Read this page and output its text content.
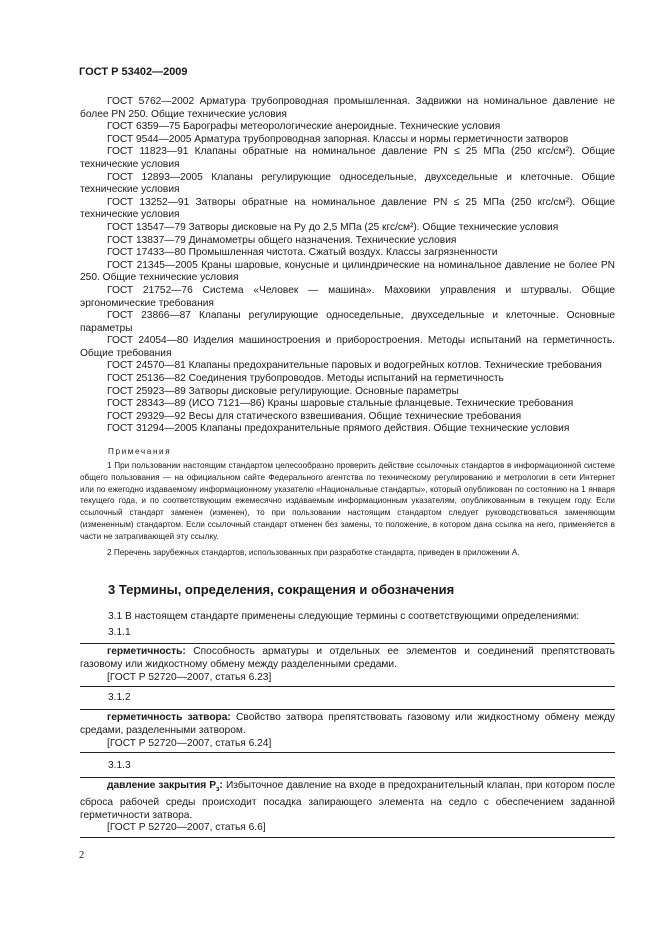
ГОСТ Р 53402—2009

ГОСТ 5762—2002 Арматура трубопроводная промышленная. Задвижки на номинальное давление не более PN 250. Общие технические условия

ГОСТ 6359—75 Барографы метеорологические анероидные. Технические условия

ГОСТ 9544—2005 Арматура трубопроводная запорная. Классы и нормы герметичности затворов

ГОСТ 11823—91 Клапаны обратные на номинальное давление PN ≤ 25 МПа (250 кгс/см²). Общие технические условия

ГОСТ 12893—2005 Клапаны регулирующие односедельные, двухседельные и клеточные. Общие технические условия

ГОСТ 13252—91 Затворы обратные на номинальное давление PN ≤ 25 МПа (250 кгс/см²). Общие технические условия

ГОСТ 13547—79 Затворы дисковые на Pу до 2,5 МПа (25 кгс/см²). Общие технические условия

ГОСТ 13837—79 Динамометры общего назначения. Технические условия

ГОСТ 17433—80 Промышленная чистота. Сжатый воздух. Классы загрязненности

ГОСТ 21345—2005 Краны шаровые, конусные и цилиндрические на номинальное давление не более PN 250. Общие технические условия

ГОСТ 21752—76 Система «Человек — машина». Маховики управления и штурвалы. Общие эргономические требования

ГОСТ 23866—87 Клапаны регулирующие односедельные, двухседельные и клеточные. Основные параметры

ГОСТ 24054—80 Изделия машиностроения и приборостроения. Методы испытаний на герметичность. Общие требования

ГОСТ 24570—81 Клапаны предохранительные паровых и водогрейных котлов. Технические требования

ГОСТ 25136—82 Соединения трубопроводов. Методы испытаний на герметичность

ГОСТ 25923—89 Затворы дисковые регулирующие. Основные параметры

ГОСТ 28343—89 (ИСО 7121—86) Краны шаровые стальные фланцевые. Технические требования

ГОСТ 29329—92 Весы для статического взвешивания. Общие технические требования

ГОСТ 31294—2005 Клапаны предохранительные прямого действия. Общие технические условия

Примечания

1 При пользовании настоящим стандартом целесообразно проверить действие ссылочных стандартов в информационной системе общего пользования — на официальном сайте Федерального агентства по техническому регулированию и метрологии в сети Интернет или по ежегодно издаваемому информационному указателю «Национальные стандарты», который опубликован по состоянию на 1 января текущего года, и по соответствующим ежемесячно издаваемым информационным указателям, опубликованным в текущем году. Если ссылочный стандарт заменен (изменен), то при пользовании настоящим стандартом следует руководствоваться заменяющим (измененным) стандартом. Если ссылочный стандарт отменен без замены, то положение, в котором дана ссылка на него, применяется в части не затрагивающей эту ссылку.

2 Перечень зарубежных стандартов, использованных при разработке стандарта, приведен в приложении А.

3 Термины, определения, сокращения и обозначения
3.1 В настоящем стандарте применены следующие термины с соответствующими определениями:
3.1.1

герметичность: Способность арматуры и отдельных ее элементов и соединений препятствовать газовому или жидкостному обмену между разделенными средами.

[ГОСТ Р 52720—2007, статья 6.23]

3.1.2

герметичность затвора: Свойство затвора препятствовать газовому или жидкостному обмену между средами, разделенными затвором.

[ГОСТ Р 52720—2007, статья 6.24]

3.1.3

давление закрытия $P_з$: Избыточное давление на входе в предохранительный клапан, при котором после сброса рабочей среды происходит посадка запирающего элемента на седло с обеспечением заданной герметичности затвора.

[ГОСТ Р 52720—2007, статья 6.6]

2
